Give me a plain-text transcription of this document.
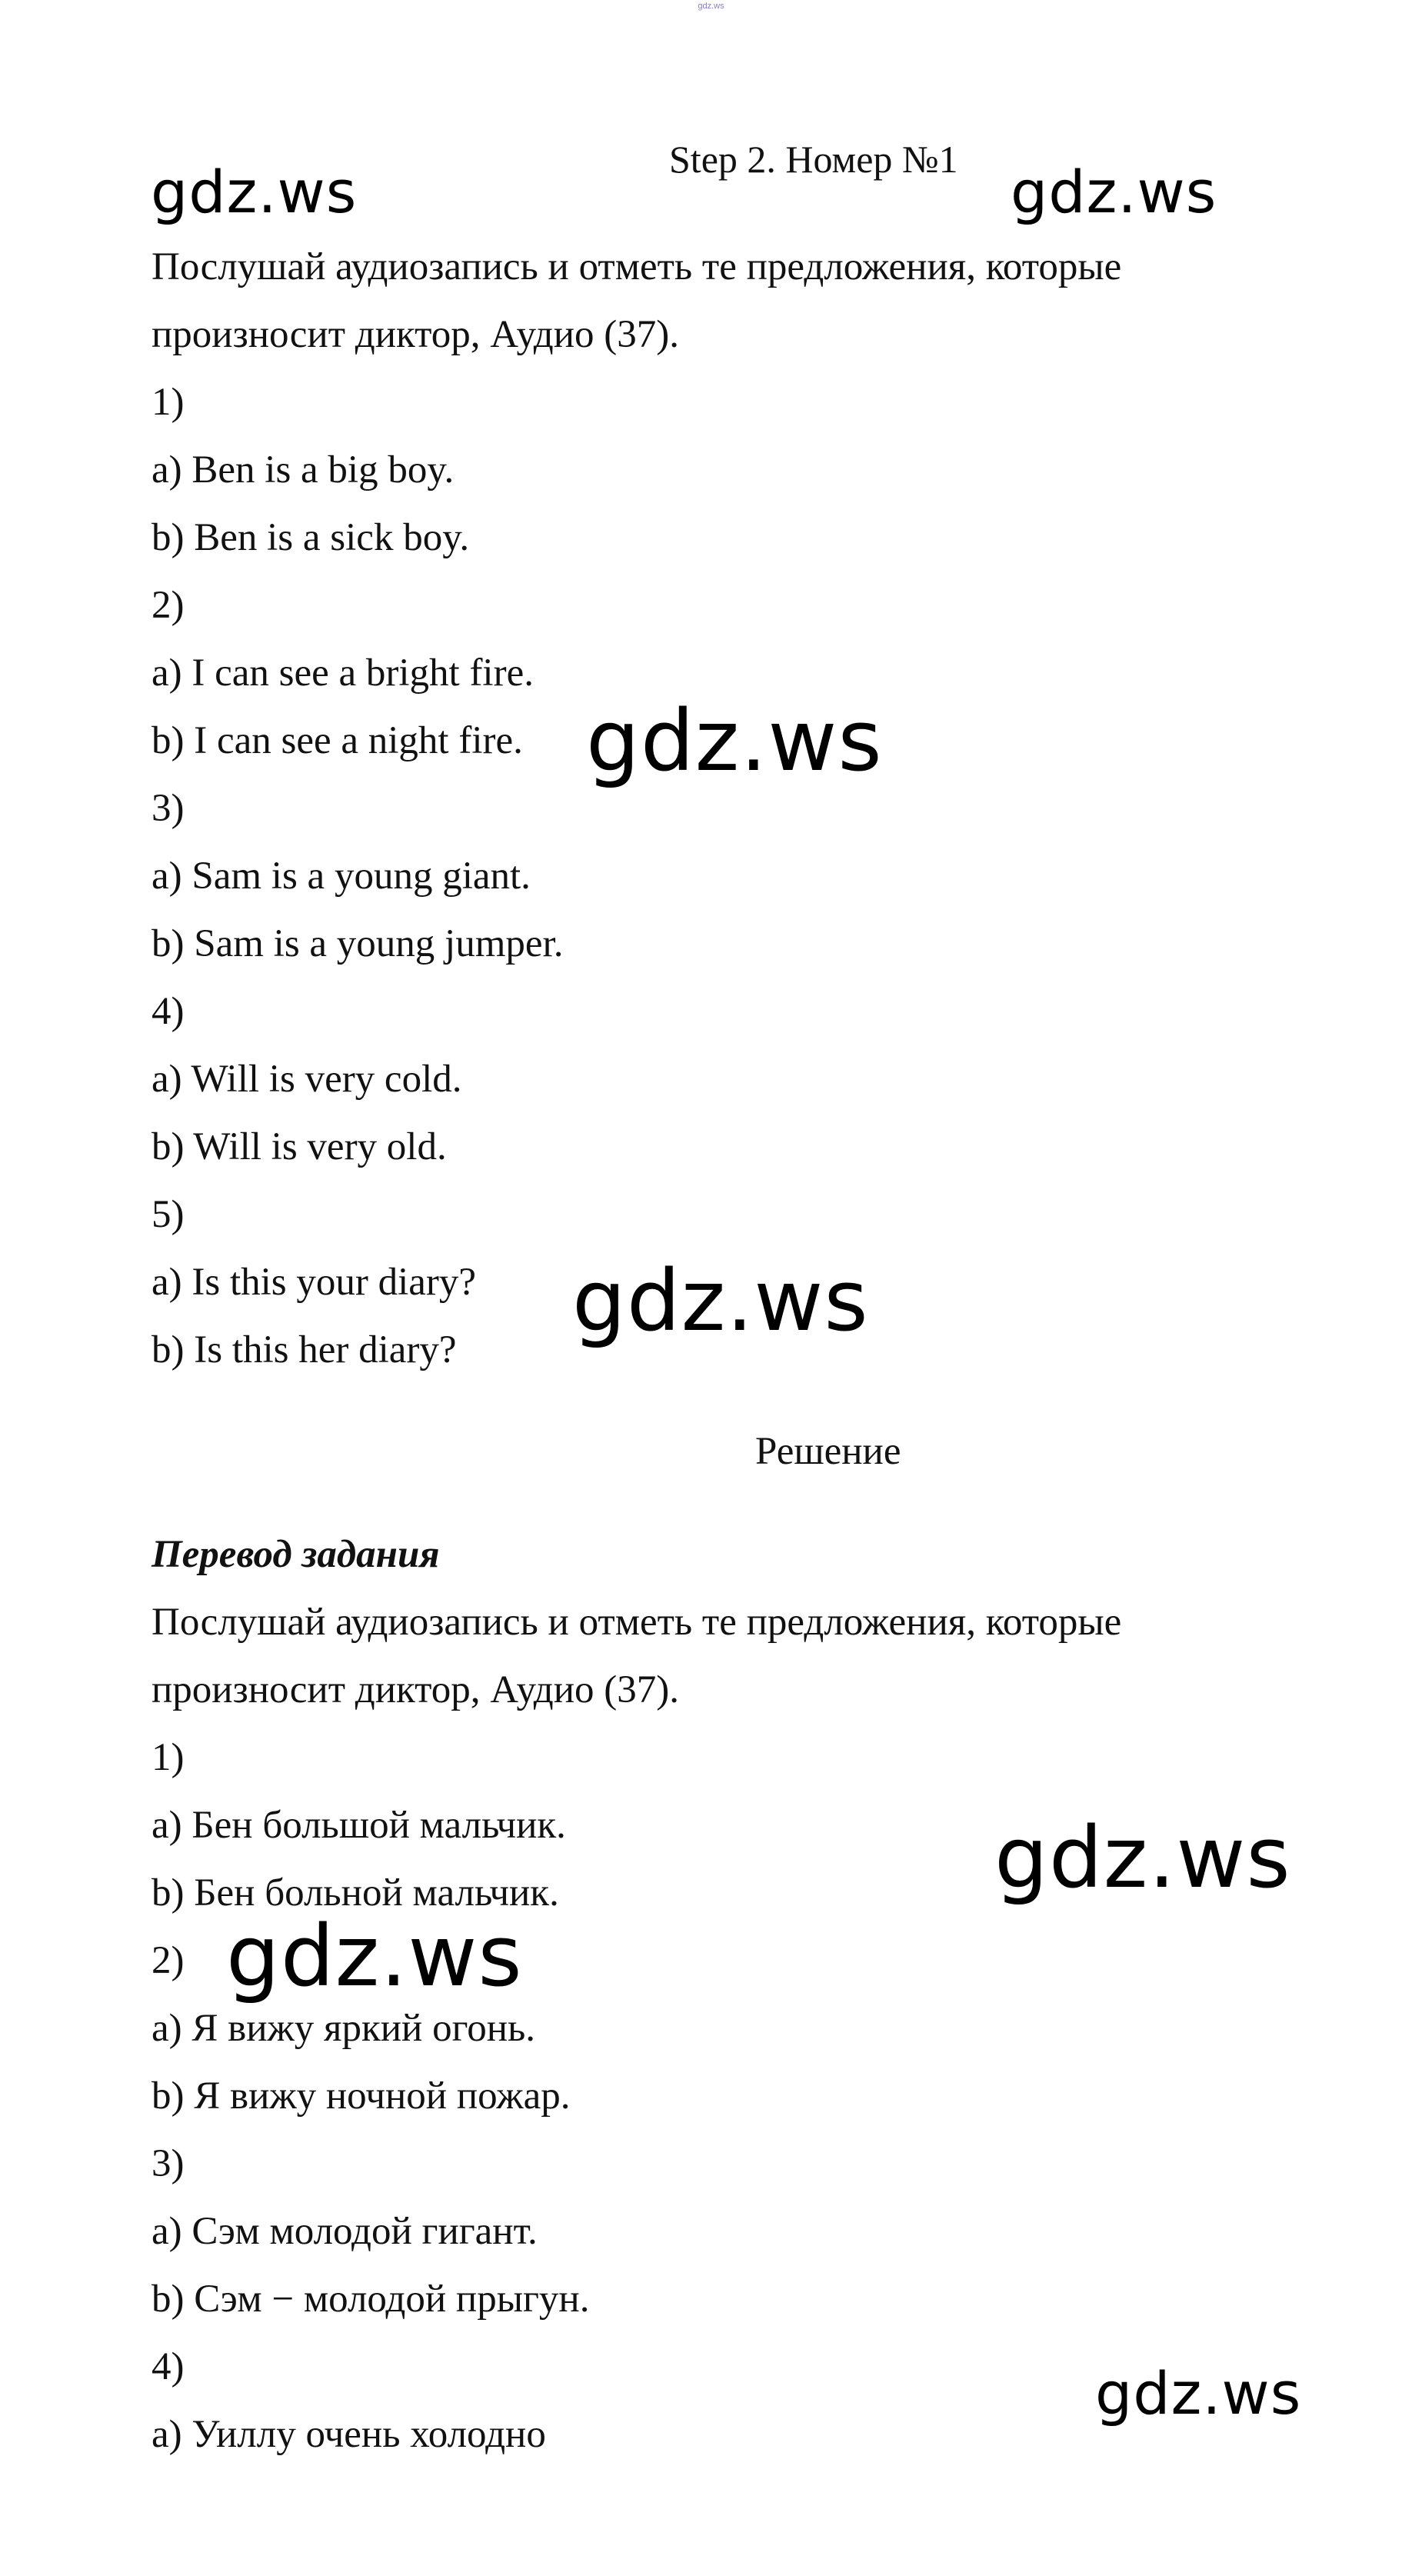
gdz.ws
Step 2. Номер №1
Послушай аудиозапись и отметь те предложения, которые
произносит диктор, Аудио (37).
1)
a) Ben is a big boy.
b) Ben is a sick boy.
2)
a) I can see a bright fire.
b) I can see a night fire.
3)
a) Sam is a young giant.
b) Sam is a young jumper.
4)
a) Will is very cold.
b) Will is very old.
5)
a) Is this your diary?
b) Is this her diary?
Решение
Перевод задания
Послушай аудиозапись и отметь те предложения, которые
произносит диктор, Аудио (37).
1)
a) Бен большой мальчик.
b) Бен больной мальчик.
2)
a) Я вижу яркий огонь.
b) Я вижу ночной пожар.
3)
a) Сэм молодой гигант.
b) Сэм − молодой прыгун.
4)
a) Уиллу очень холодно
gdz.ws	gdz.ws
gdz.ws
gdz.ws
gdz.ws
gdz.ws
gdz.ws
